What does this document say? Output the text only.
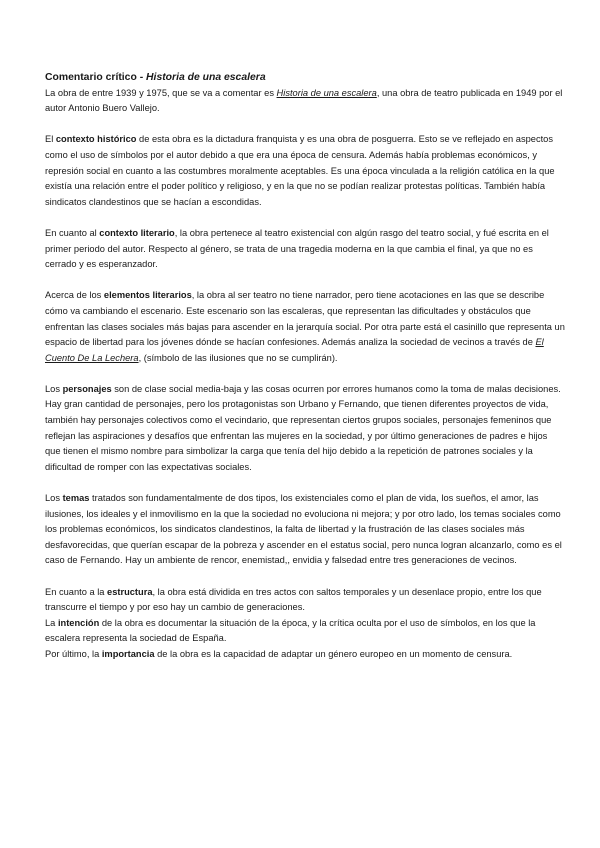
Comentario crítico - Historia de una escalera

La obra de entre 1939 y 1975, que se va a comentar es Historia de una escalera, una obra de teatro publicada en 1949 por el autor Antonio Buero Vallejo.

El contexto histórico de esta obra es la dictadura franquista y es una obra de posguerra. Esto se ve reflejado en aspectos como el uso de símbolos por el autor debido a que era una época de censura. Además había problemas económicos, y represión social en cuanto a las costumbres moralmente aceptables. Es una época vinculada a la religión católica en la que existía una relación entre el poder político y religioso, y en la que no se podían realizar protestas políticas. También había sindicatos clandestinos que se hacían a escondidas.

En cuanto al contexto literario, la obra pertenece al teatro existencial con algún rasgo del teatro social, y fué escrita en el primer periodo del autor. Respecto al género, se trata de una tragedia moderna en la que cambia el final, ya que no es cerrado y es esperanzador.

Acerca de los elementos literarios, la obra al ser teatro no tiene narrador, pero tiene acotaciones en las que se describe cómo va cambiando el escenario. Este escenario son las escaleras, que representan las dificultades y obstáculos que enfrentan las clases sociales más bajas para ascender en la jerarquía social. Por otra parte está el casinillo que representa un espacio de libertad para los jóvenes dónde se hacían confesiones. Además analiza la sociedad de vecinos a través de El Cuento De La Lechera, (símbolo de las ilusiones que no se cumplirán).

Los personajes son de clase social media-baja y las cosas ocurren por errores humanos como la toma de malas decisiones. Hay gran cantidad de personajes, pero los protagonistas son Urbano y Fernando, que tienen diferentes proyectos de vida, también hay personajes colectivos como el vecindario, que representan ciertos grupos sociales, personajes femeninos que reflejan las aspiraciones y desafíos que enfrentan las mujeres en la sociedad, y por último generaciones de padres e hijos que tienen el mismo nombre para simbolizar la carga que tenía del hijo debido a la repetición de patrones sociales y la dificultad de romper con las expectativas sociales.

Los temas tratados son fundamentalmente de dos tipos, los existenciales como el plan de vida, los sueños, el amor, las ilusiones, los ideales y el inmovilismo en la que la sociedad no evoluciona ni mejora; y por otro lado, los temas sociales como los problemas económicos, los sindicatos clandestinos, la falta de libertad y la frustración de las clases sociales más desfavorecidas, que querían escapar de la pobreza y ascender en el estatus social, pero nunca logran alcanzarlo, como es el caso de Fernando. Hay un ambiente de rencor, enemistad,, envidia y falsedad entre tres generaciones de vecinos.

En cuanto a la estructura, la obra está dividida en tres actos con saltos temporales y un desenlace propio, entre los que transcurre el tiempo y por eso hay un cambio de generaciones.

La intención de la obra es documentar la situación de la época, y la crítica oculta por el uso de símbolos, en los que la escalera representa la sociedad de España.

Por último, la importancia de la obra es la capacidad de adaptar un género europeo en un momento de censura.
